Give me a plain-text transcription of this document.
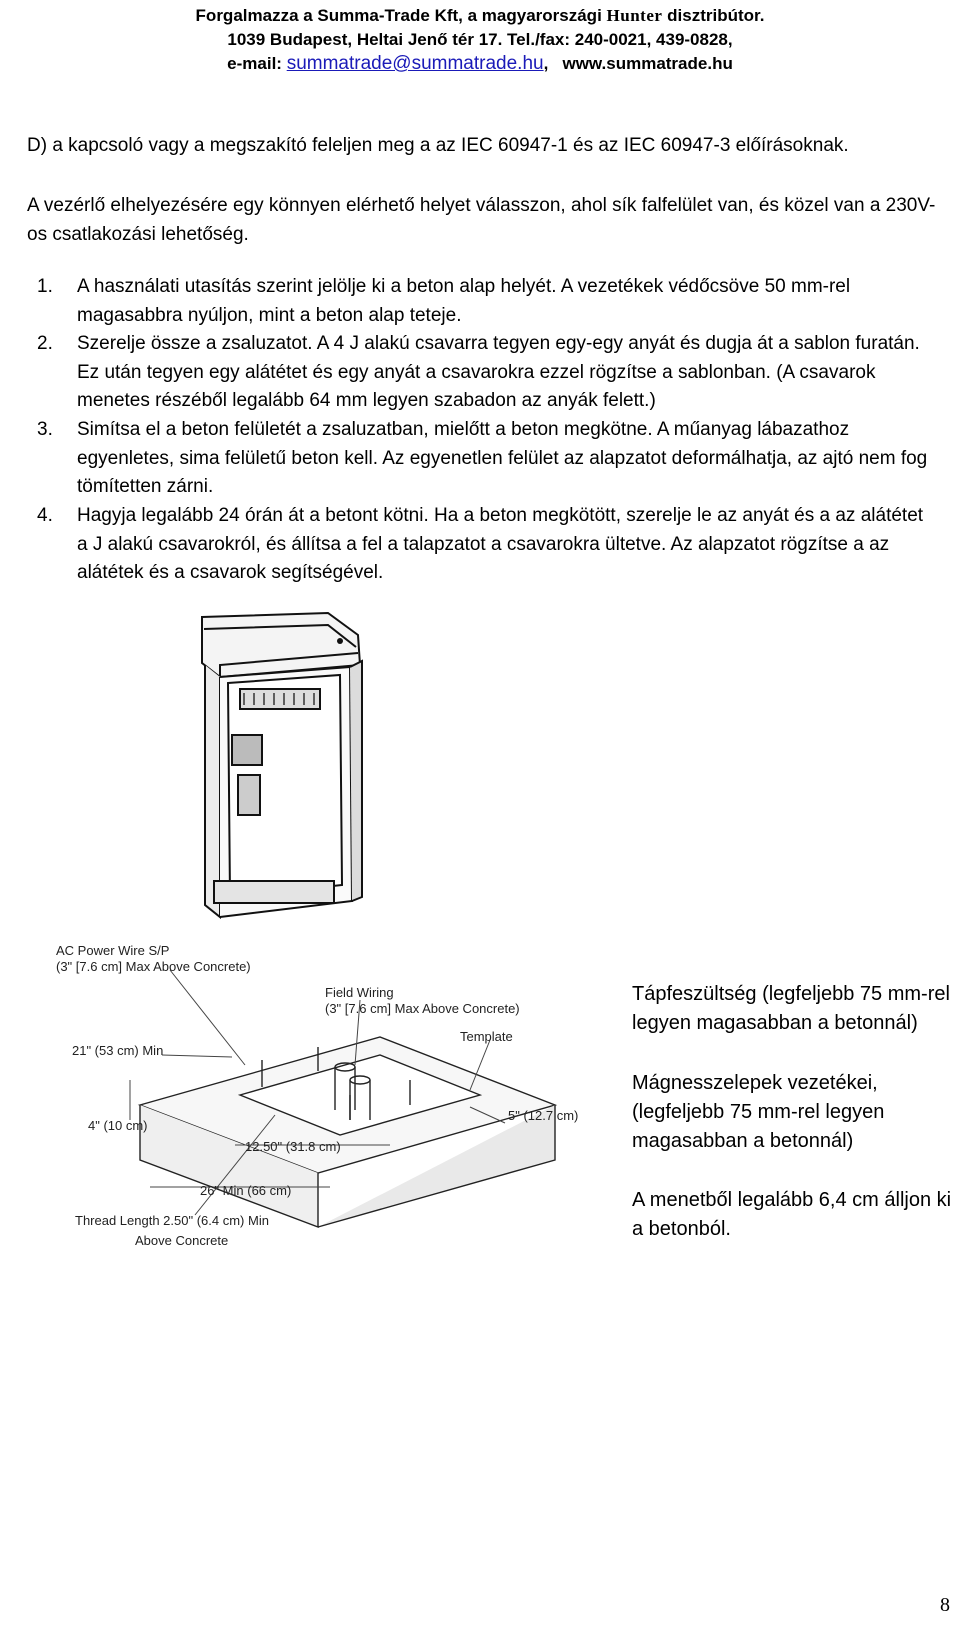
Forgalmazza a Summa-Trade Kft, a magyarországi Hunter disztribútor.
1039 Budapest, Heltai Jenő tér 17. Tel./fax: 240-0021, 439-0828,
e-mail: summatrade@summatrade.hu, www.summatrade.hu
D) a kapcsoló vagy a megszakító feleljen meg a az IEC 60947-1 és az IEC 60947-3 előírásoknak.
A vezérlő elhelyezésére egy könnyen elérhető helyet válasszon, ahol sík falfelület van, és közel van a 230V-os csatlakozási lehetőség.
1. A használati utasítás szerint jelölje ki a beton alap helyét. A vezetékek védőcsöve 50 mm-rel magasabbra nyúljon, mint a beton alap teteje.
2. Szerelje össze a zsaluzatot. A 4 J alakú csavarra tegyen egy-egy anyát és dugja át a sablon furatán. Ez után tegyen egy alátétet és egy anyát a csavarokra ezzel rögzítse a sablonban. (A csavarok menetes részéből legalább 64 mm legyen szabadon az anyák felett.)
3. Simítsa el a beton felületét a zsaluzatban, mielőtt a beton megkötne. A műanyag lábazathoz egyenletes, sima felületű beton kell. Az egyenetlen felület az alapzatot deformálhatja, az ajtó nem fog tömítetten zárni.
4. Hagyja legalább 24 órán át a betont kötni. Ha a beton megkötött, szerelje le az anyát és a az alátétet a J alakú csavarokról, és állítsa a fel a talapzatot a csavarokra ültetve. Az alapzatot rögzítse a az alátétek és a csavarok segítségével.
AC Power Wire S/P
(3" [7.6 cm] Max Above Concrete)
Field Wiring
(3" [7.6 cm] Max Above Concrete)
Template
21" (53 cm) Min
4" (10 cm)
12.50" (31.8 cm)
5" (12.7 cm)
26" Min (66 cm)
Thread Length 2.50" (6.4 cm) Min
Above Concrete
Tápfeszültség (legfeljebb 75 mm-rel legyen magasabban a betonnál)
Mágnesszelepek vezetékei, (legfeljebb 75 mm-rel legyen magasabban a betonnál)
A menetből legalább 6,4 cm álljon ki a betonból.
8
